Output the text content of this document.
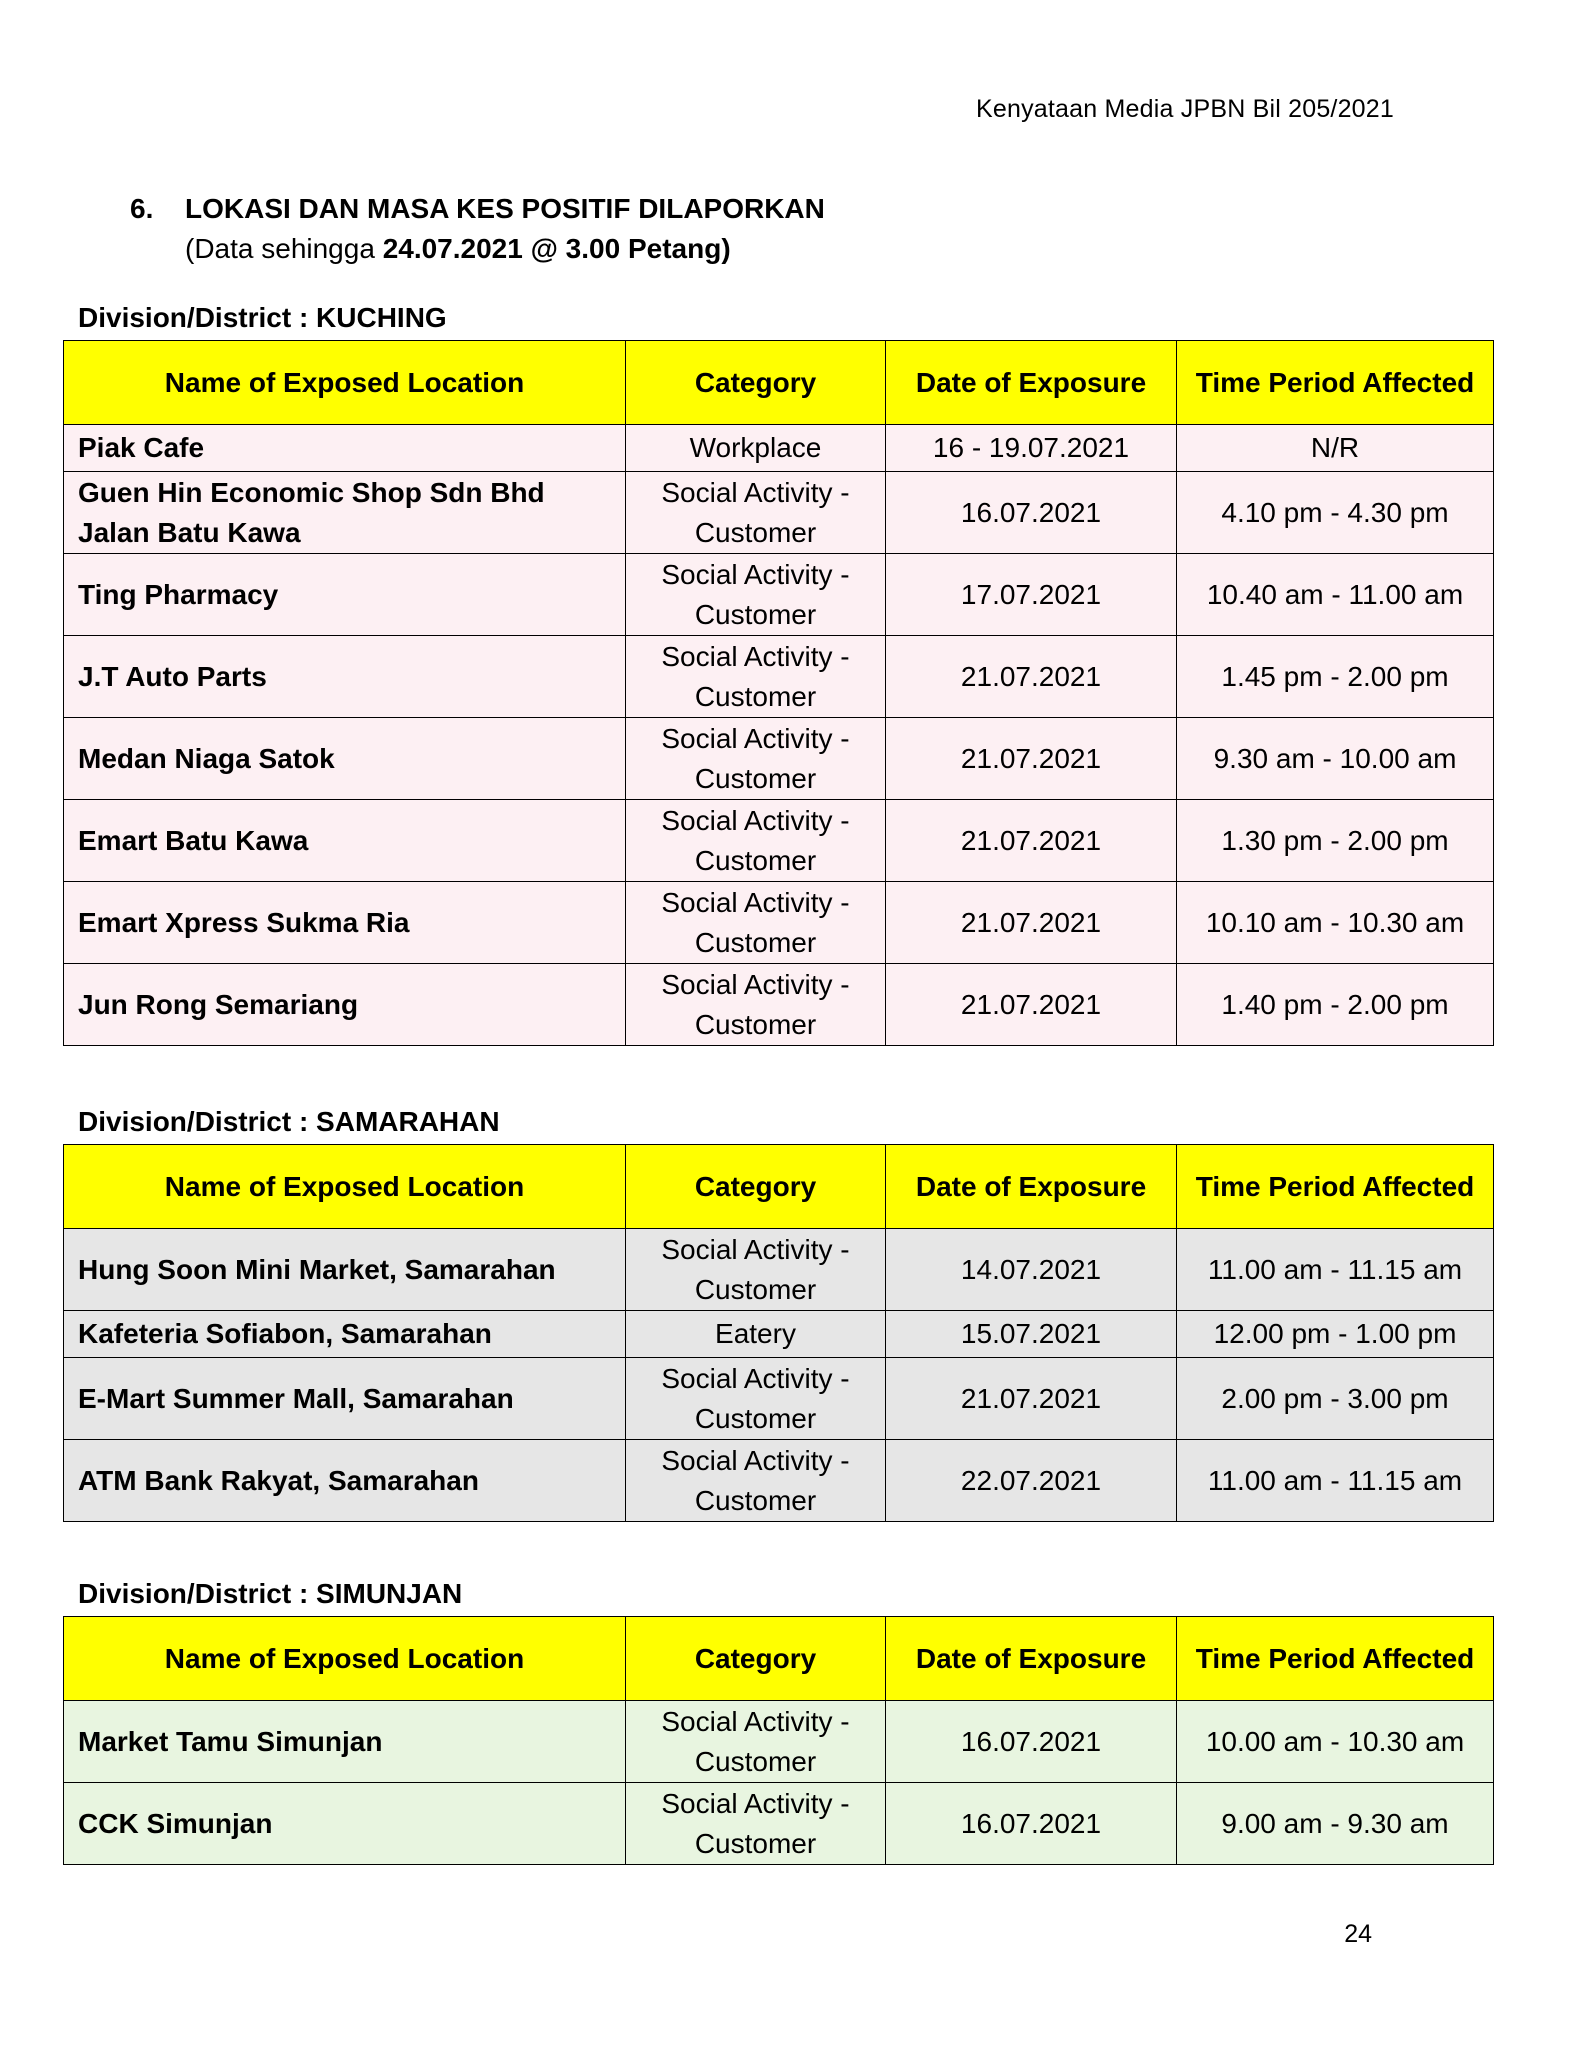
Kenyataan Media JPBN Bil 205/2021
6. LOKASI DAN MASA KES POSITIF DILAPORKAN
(Data sehingga 24.07.2021 @ 3.00 Petang)
Division/District : KUCHING
Name of Exposed Location	Category	Date of Exposure	Time Period Affected
Piak Cafe	Workplace	16 - 19.07.2021	N/R
Guen Hin Economic Shop Sdn Bhd Jalan Batu Kawa	Social Activity - Customer	16.07.2021	4.10 pm - 4.30 pm
Ting Pharmacy	Social Activity - Customer	17.07.2021	10.40 am - 11.00 am
J.T Auto Parts	Social Activity - Customer	21.07.2021	1.45 pm - 2.00 pm
Medan Niaga Satok	Social Activity - Customer	21.07.2021	9.30 am - 10.00 am
Emart Batu Kawa	Social Activity - Customer	21.07.2021	1.30 pm - 2.00 pm
Emart Xpress Sukma Ria	Social Activity - Customer	21.07.2021	10.10 am - 10.30 am
Jun Rong Semariang	Social Activity - Customer	21.07.2021	1.40 pm - 2.00 pm
Division/District : SAMARAHAN
Name of Exposed Location	Category	Date of Exposure	Time Period Affected
Hung Soon Mini Market, Samarahan	Social Activity - Customer	14.07.2021	11.00 am - 11.15 am
Kafeteria Sofiabon, Samarahan	Eatery	15.07.2021	12.00 pm - 1.00 pm
E-Mart Summer Mall, Samarahan	Social Activity - Customer	21.07.2021	2.00 pm - 3.00 pm
ATM Bank Rakyat, Samarahan	Social Activity - Customer	22.07.2021	11.00 am - 11.15 am
Division/District : SIMUNJAN
Name of Exposed Location	Category	Date of Exposure	Time Period Affected
Market Tamu Simunjan	Social Activity - Customer	16.07.2021	10.00 am - 10.30 am
CCK Simunjan	Social Activity - Customer	16.07.2021	9.00 am - 9.30 am
24
